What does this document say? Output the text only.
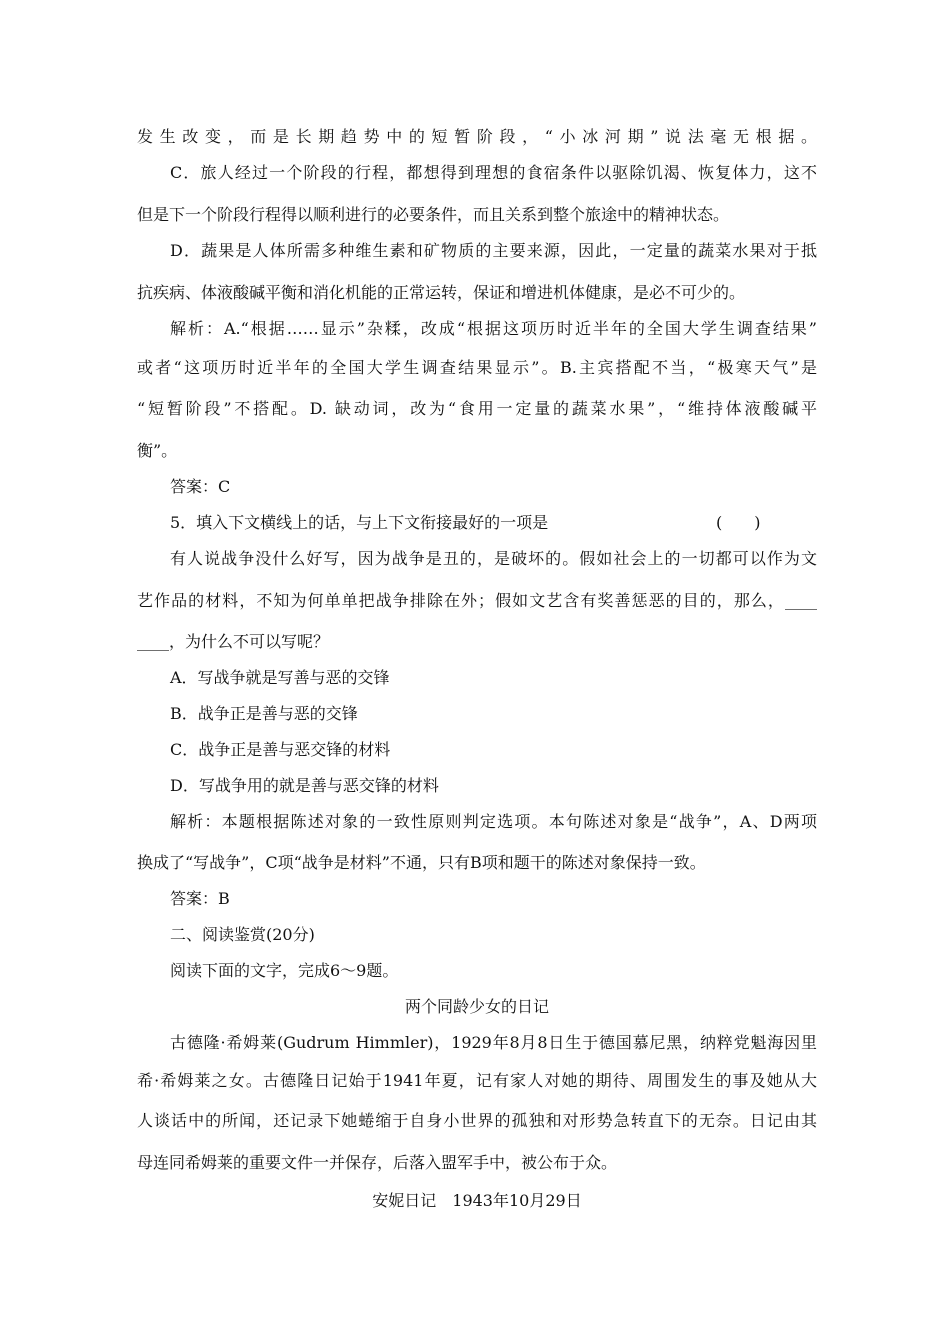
发生改变，而是长期趋势中的短暂阶段，“小冰河期”说法毫无根据。
C．旅人经过一个阶段的行程，都想得到理想的食宿条件以驱除饥渴、恢复体力，这不
但是下一个阶段行程得以顺利进行的必要条件，而且关系到整个旅途中的精神状态。
D．蔬果是人体所需多种维生素和矿物质的主要来源，因此，一定量的蔬菜水果对于抵
抗疾病、体液酸碱平衡和消化机能的正常运转，保证和增进机体健康，是必不可少的。
解析：A.“根据……显示”杂糅，改成“根据这项历时近半年的全国大学生调查结果”
或者“这项历时近半年的全国大学生调查结果显示”。B.主宾搭配不当，“极寒天气”是
“短暂阶段”不搭配。D. 缺动词，改为“食用一定量的蔬菜水果”，“维持体液酸碱平
衡”。
答案：C
5．填入下文横线上的话，与上下文衔接最好的一项是	(　　)
有人说战争没什么好写，因为战争是丑的，是破坏的。假如社会上的一切都可以作为文
艺作品的材料，不知为何单单把战争排除在外；假如文艺含有奖善惩恶的目的，那么，____
____，为什么不可以写呢？
A．写战争就是写善与恶的交锋
B．战争正是善与恶的交锋
C．战争正是善与恶交锋的材料
D．写战争用的就是善与恶交锋的材料
解析：本题根据陈述对象的一致性原则判定选项。本句陈述对象是“战争”，A、D两项
换成了“写战争”，C项“战争是材料”不通，只有B项和题干的陈述对象保持一致。
答案：B
二、阅读鉴赏(20分)
阅读下面的文字，完成6～9题。
两个同龄少女的日记
古德隆·希姆莱(Gudrum Himmler)，1929年8月8日生于德国慕尼黑，纳粹党魁海因里
希·希姆莱之女。古德隆日记始于1941年夏，记有家人对她的期待、周围发生的事及她从大
人谈话中的所闻，还记录下她蜷缩于自身小世界的孤独和对形势急转直下的无奈。日记由其
母连同希姆莱的重要文件一并保存，后落入盟军手中，被公布于众。
安妮日记　1943年10月29日
